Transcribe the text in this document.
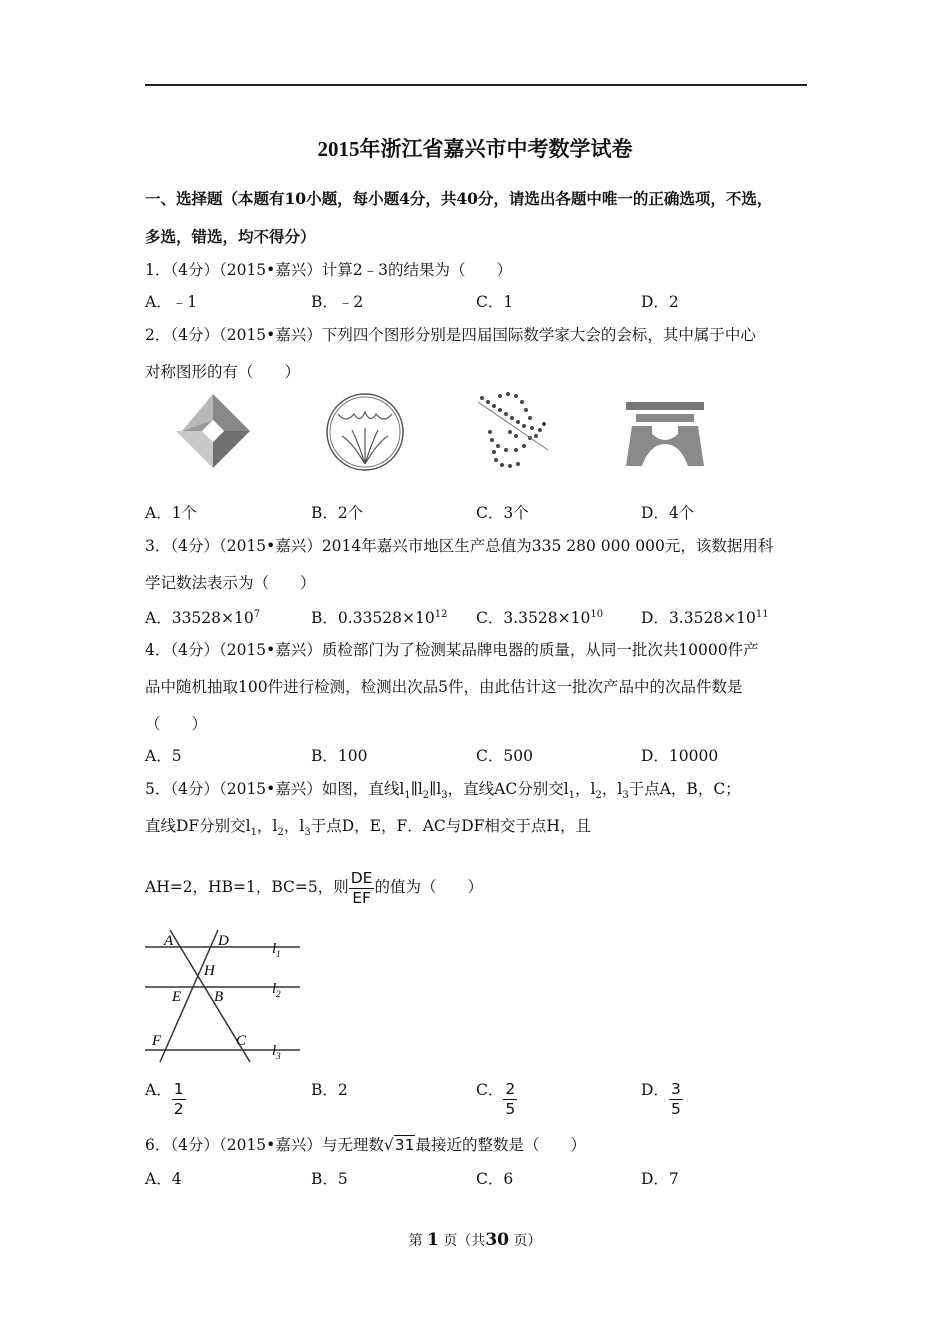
2015年浙江省嘉兴市中考数学试卷
一、选择题（本题有10小题，每小题4分，共40分，请选出各题中唯一的正确选项，不选，
多选，错选，均不得分）
1．（4分）（2015•嘉兴）计算2﹣3的结果为（　　）
A．﹣1	B．﹣2	C．1	D．2
2．（4分）（2015•嘉兴）下列四个图形分别是四届国际数学家大会的会标，其中属于中心
对称图形的有（　　）
A．1个	B．2个	C．3个	D．4个
3．（4分）（2015•嘉兴）2014年嘉兴市地区生产总值为335 280 000 000元，该数据用科
学记数法表示为（　　）
A．$33528\times 10^7$	B．$0.33528\times 10^{12}$ C．$3.3528\times 10^{10}$ D．$3.3528\times 10^{11}$
4．（4分）（2015•嘉兴）质检部门为了检测某品牌电器的质量，从同一批次共10000件产
品中随机抽取100件进行检测，检测出次品5件，由此估计这一批次产品中的次品件数是
（　　）
A．5	B．100	C．500	D．10000
5．（4分）（2015•嘉兴）如图，直线$l_1\parallel l_2\parallel l_3$，直线AC分别交$l_1$，$l_2$，$l_3$于点A，B，C；
直线DF分别交$l_1$，$l_2$，$l_3$于点D，E，F．AC与DF相交于点H，且
AH=2，HB=1，BC=5，则 $\frac{DE}{EF}$ 的值为（　　）
A	D
H
E B
F	C
$l_1$
$l_2$
$l_3$
A． $\frac{1}{2}$	B．2	C． $\frac{2}{5}$	D． $\frac{3}{5}$
6．（4分）（2015•嘉兴）与无理数√31最接近的整数是（　　）
A．4	B．5	C．6	D．7
第 1 页（共30 页）
